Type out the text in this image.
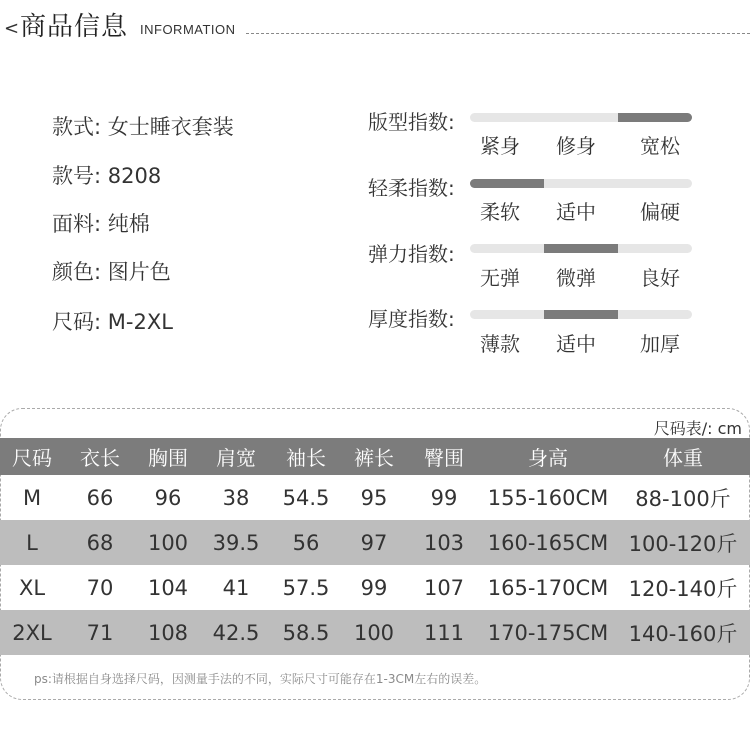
< 商品信息 INFORMATION
款式: 女士睡衣套装
款号: 8208
面料: 纯棉
颜色: 图片色
尺码: M-2XL
版型指数:
紧身 修身 宽松
轻柔指数:
柔软 适中 偏硬
弹力指数:
无弹 微弹 良好
厚度指数:
薄款 适中 加厚
尺码表/: cm
尺码	衣长	胸围	肩宽	袖长	裤长	臀围	身高	体重
M	66	96	38	54.5	95	99	155-160CM	88-100斤
L	68	100	39.5	56	97	103	160-165CM	100-120斤
XL	70	104	41	57.5	99	107	165-170CM	120-140斤
2XL	71	108	42.5	58.5	100	111	170-175CM	140-160斤
ps:请根据自身选择尺码，因测量手法的不同，实际尺寸可能存在1-3CM左右的误差。
